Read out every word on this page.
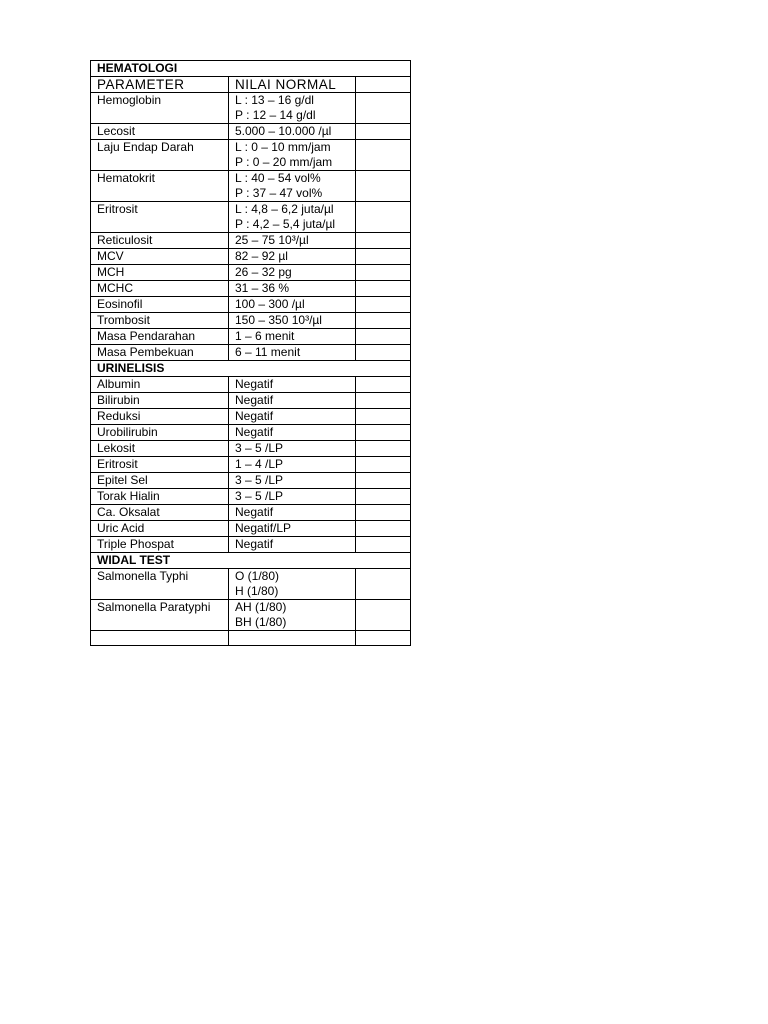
HEMATOLOGI		
PARAMETER	NILAI NORMAL	
Hemoglobin	L : 13 – 16 g/dl
P : 12 – 14 g/dl	

Lecosit	5.000 – 10.000 /µl	

Laju Endap Darah	L : 0 – 10 mm/jam
P : 0 – 20 mm/jam	

Hematokrit	L : 40 – 54 vol%
P : 37 – 47 vol%	

Eritrosit	L : 4,8 – 6,2 juta/µl
P : 4,2 – 5,4 juta/µl	

Reticulosit	25 – 75 10³/µl	

MCV	82 – 92 µl	

MCH	26 – 32 pg	

MCHC	31 – 36 %	

Eosinofil	100 – 300 /µl	

Trombosit	150 – 350 10³/µl	

Masa Pendarahan	1 – 6 menit	

Masa Pembekuan	6 – 11 menit	

URINELISIS		
Albumin	Negatif	

Bilirubin	Negatif	

Reduksi	Negatif	

Urobilirubin	Negatif	

Lekosit	3 – 5 /LP	

Eritrosit	1 – 4 /LP	

Epitel Sel	3 – 5 /LP	

Torak Hialin	3 – 5 /LP	

Ca. Oksalat	Negatif	

Uric Acid	Negatif/LP	

Triple Phospat	Negatif	

WIDAL TEST		
Salmonella Typhi	O (1/80)
H (1/80)	

Salmonella Paratyphi	AH (1/80)
BH (1/80)	
